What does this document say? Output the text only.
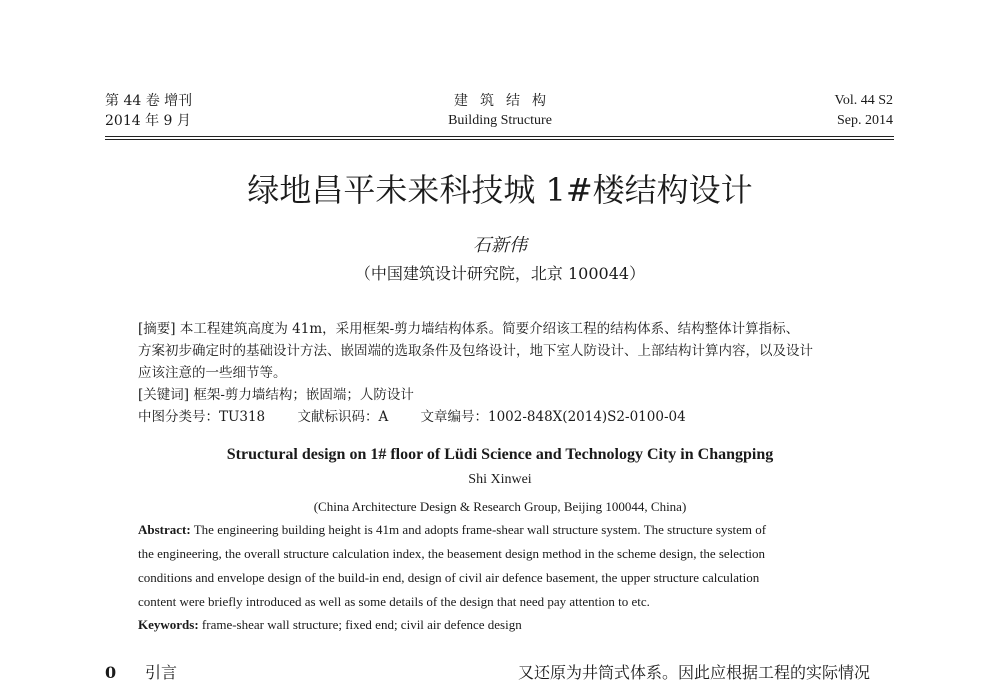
第 44 卷 增刊
2014 年 9 月
建筑结构
Building Structure
Vol. 44 S2
Sep. 2014
绿地昌平未来科技城 1#楼结构设计
石新伟
（中国建筑设计研究院，北京 100044）
[摘要] 本工程建筑高度为 41m，采用框架-剪力墙结构体系。简要介绍该工程的结构体系、结构整体计算指标、
方案初步确定时的基础设计方法、嵌固端的选取条件及包络设计，地下室人防设计、上部结构计算内容，以及设计
应该注意的一些细节等。
[关键词] 框架-剪力墙结构；嵌固端；人防设计
中图分类号：TU318 文献标识码：A 文章编号：1002-848X(2014)S2-0100-04
Structural design on 1# floor of Lüdi Science and Technology City in Changping
Shi Xinwei
(China Architecture Design & Research Group, Beijing 100044, China)
Abstract: The engineering building height is 41m and adopts frame-shear wall structure system. The structure system of
the engineering, the overall structure calculation index, the beasement design method in the scheme design, the selection
conditions and envelope design of the build-in end, design of civil air defence basement, the upper structure calculation
content were briefly introduced as well as some details of the design that need pay attention to etc.
Keywords: frame-shear wall structure; fixed end; civil air defence design
0 引言	又还原为井筒式体系。因此应根据工程的实际情况
